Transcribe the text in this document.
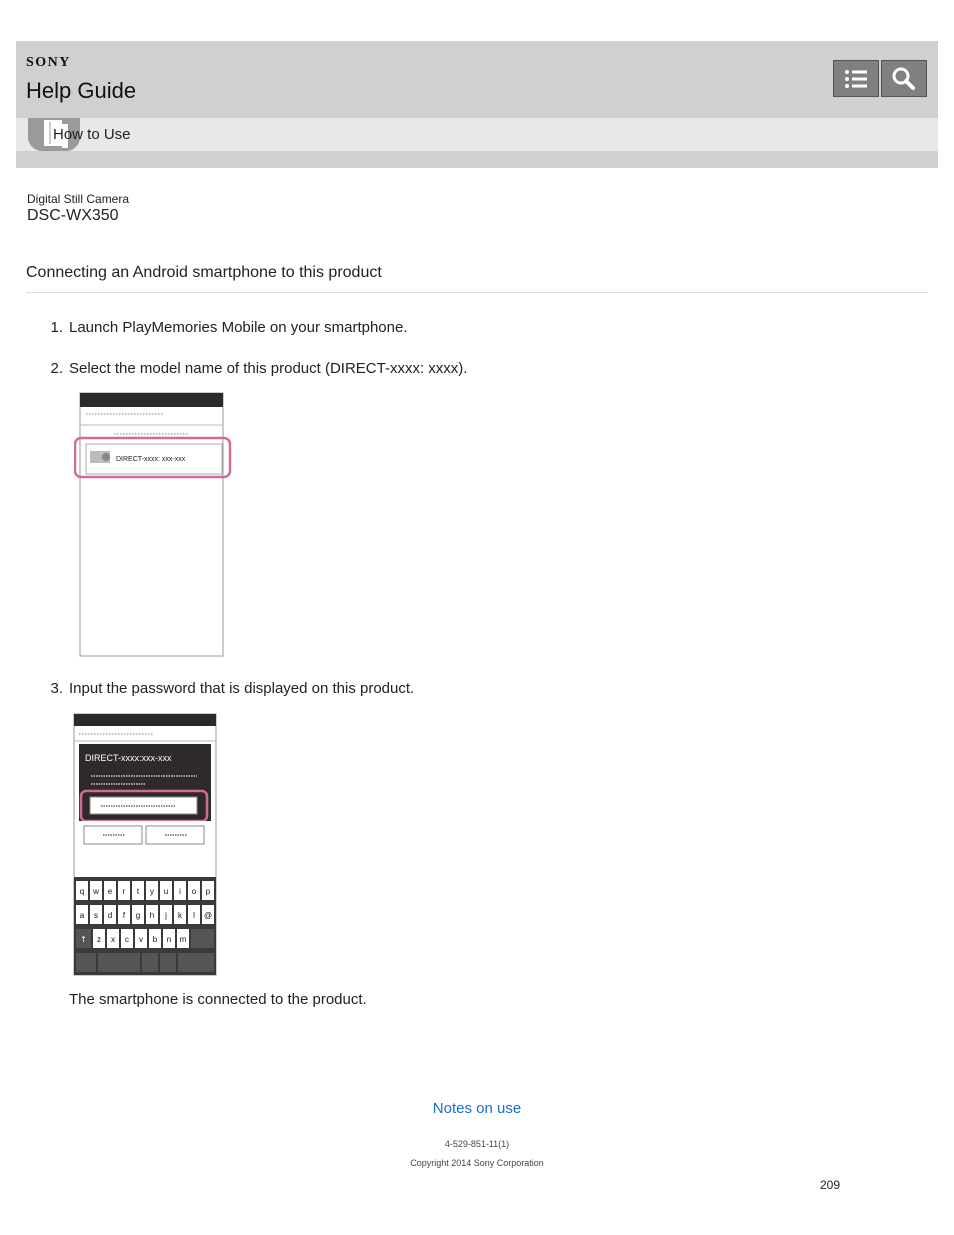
SONY
Help Guide
How to Use
Digital Still Camera
DSC-WX350
Connecting an Android smartphone to this product
1. Launch PlayMemories Mobile on your smartphone.
2. Select the model name of this product (DIRECT-xxxx: xxxx).
DIRECT-xxxx: xxx-xxx
3. Input the password that is displayed on this product.
DIRECT-xxxx:xxx-xxx
q w e r t y u i o p
a s d f g h j k l @
↑ z x c v b n m
The smartphone is connected to the product.
Notes on use
4-529-851-11(1)
Copyright 2014 Sony Corporation
209
